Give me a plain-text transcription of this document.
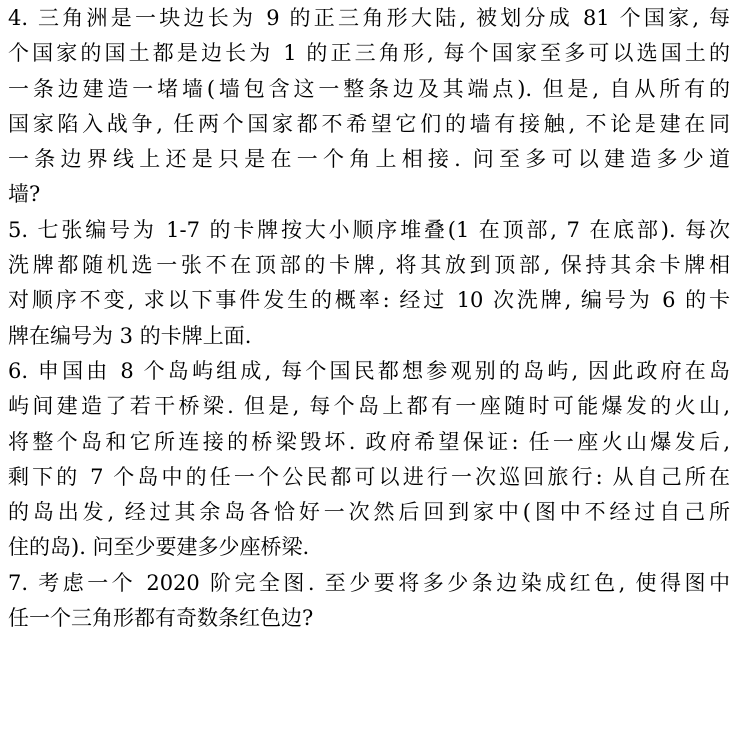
4. 三角洲是一块边长为 9 的正三角形大陆, 被划分成 81 个国家, 每
个国家的国土都是边长为 1 的正三角形, 每个国家至多可以选国土的
一条边建造一堵墙(墙包含这一整条边及其端点). 但是, 自从所有的
国家陷入战争, 任两个国家都不希望它们的墙有接触, 不论是建在同
一条边界线上还是只是在一个角上相接. 问至多可以建造多少道
墙?
5. 七张编号为 1-7 的卡牌按大小顺序堆叠(1 在顶部, 7 在底部). 每次
洗牌都随机选一张不在顶部的卡牌, 将其放到顶部, 保持其余卡牌相
对顺序不变, 求以下事件发生的概率: 经过 10 次洗牌, 编号为 6 的卡
牌在编号为 3 的卡牌上面.
6. 申国由 8 个岛屿组成, 每个国民都想参观别的岛屿, 因此政府在岛
屿间建造了若干桥梁. 但是, 每个岛上都有一座随时可能爆发的火山,
将整个岛和它所连接的桥梁毁坏. 政府希望保证: 任一座火山爆发后,
剩下的 7 个岛中的任一个公民都可以进行一次巡回旅行: 从自己所在
的岛出发, 经过其余岛各恰好一次然后回到家中(图中不经过自己所
住的岛). 问至少要建多少座桥梁.
7. 考虑一个 2020 阶完全图. 至少要将多少条边染成红色, 使得图中
任一个三角形都有奇数条红色边?
